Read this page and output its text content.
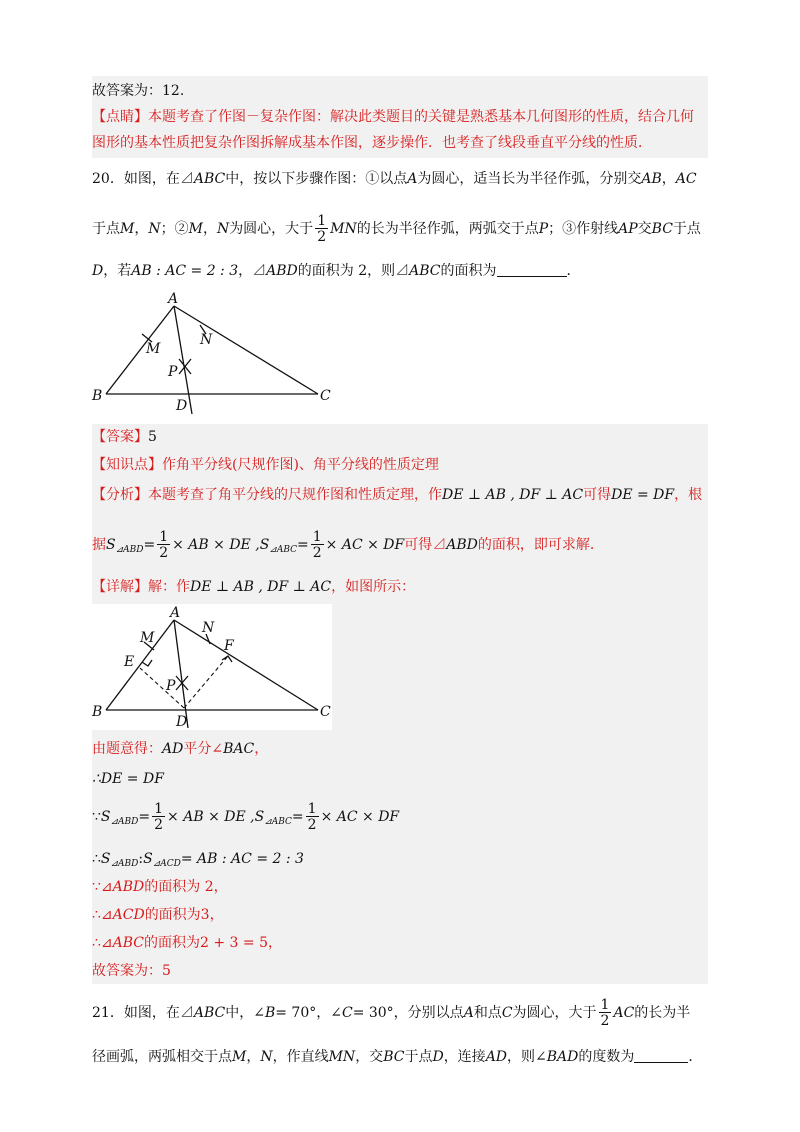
故答案为：12.
【点睛】本题考查了作图－复杂作图：解决此类题目的关键是熟悉基本几何图形的性质，结合几何
图形的基本性质把复杂作图拆解成基本作图，逐步操作．也考查了线段垂直平分线的性质．
20．如图，在⊿ABC中，按以下步骤作图：①以点A为圆心，适当长为半径作弧，分别交AB，AC
于点M，N；②M，N为圆心，大于 $\frac{1}{2}$ MN的长为半径作弧，两弧交于点P；③作射线AP交BC于点
D，若AB : AC = 2 : 3，⊿ABD的面积为 2，则⊿ABC的面积为	．
A
M
N
P
B
D
C
【答案】5
【知识点】作角平分线(尺规作图)、角平分线的性质定理
【分析】本题考查了角平分线的尺规作图和性质定理，作DE ⊥ AB , DF ⊥ AC可得DE = DF，根
据$S_{⊿ABD}= \frac{1}{2}$ × AB × DE $,S_{⊿ABC}= \frac{1}{2}$ × AC × DF可得⊿ABD的面积，即可求解.
【详解】解：作DE ⊥ AB , DF ⊥ AC，如图所示：
A
M
N
F
E
P
B
D
C
由题意得：AD平分∠BAC，
∴DE = DF
$\because S_{⊿ABD}= \frac{1}{2}$ × AB × DE $,S_{⊿ABC}= \frac{1}{2}$ × AC × DF
$\therefore S_{⊿ABD}:S_{⊿ACD}=$ AB : AC = 2 : 3
∵⊿ABD的面积为 2，
∴⊿ACD的面积为3，
∴⊿ABC的面积为2 + 3 = 5，
故答案为：5
21．如图，在⊿ABC中，∠B= 70°，∠C= 30°，分别以点A和点C为圆心，大于 $\frac{1}{2}$ AC的长为半
径画弧，两弧相交于点M，N，作直线MN，交BC于点D，连接AD，则∠BAD的度数为	．
